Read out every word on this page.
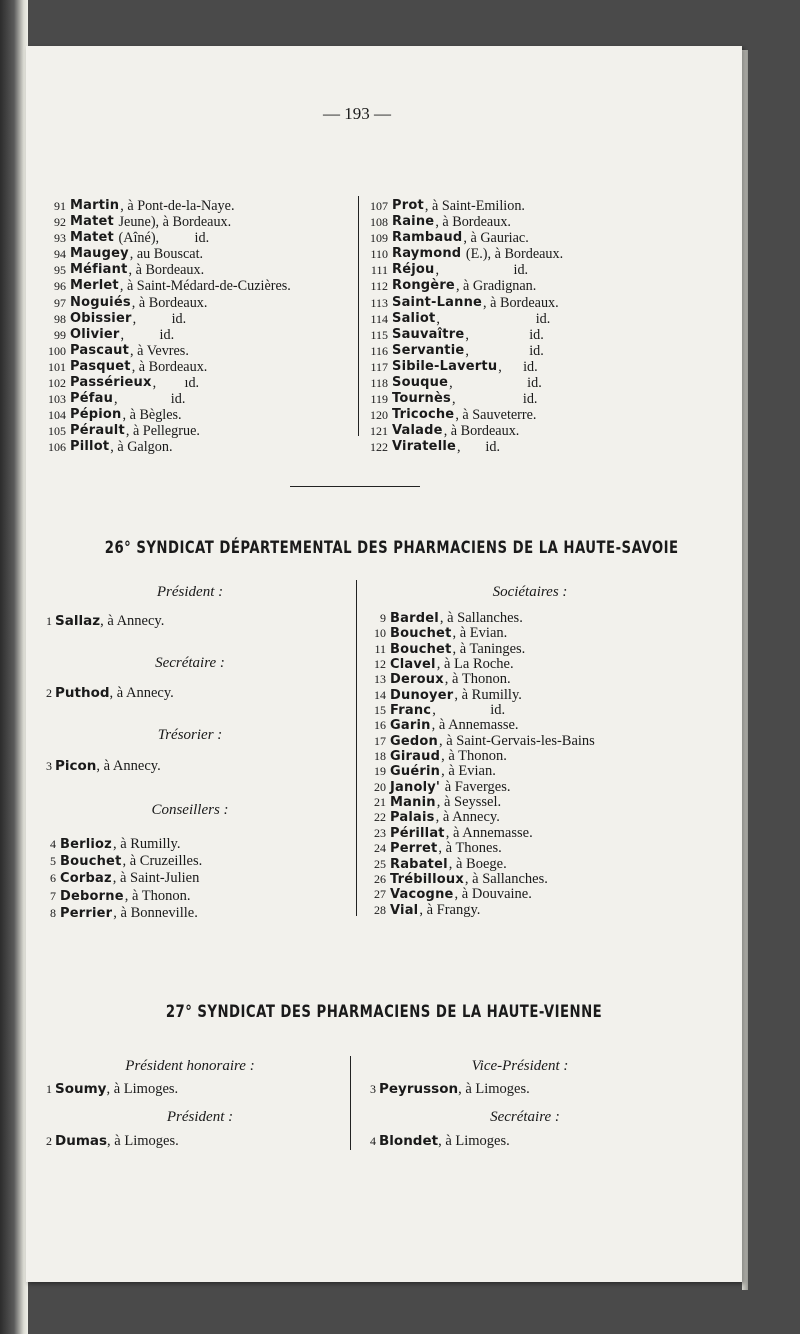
— 193 —
91 Martin , à Pont-de-la-Naye.
92 Matet Jeune), à Bordeaux.
93 Matet (Aîné),          id.
94 Maugey , au Bouscat.
95 Méfiant , à Bordeaux.
96 Merlet , à Saint-Médard-de-Cuzières.
97 Noguiés , à Bordeaux.
98 Obissier ,          id.
99 Olivier ,          id.
100 Pascaut , à Vevres.
101 Pasquet , à Bordeaux.
102 Passérieux ,        ıd.
103 Péfau ,               id.
104 Pépion , à Bègles.
105 Pérault , à Pellegrue.
106 Pillot , à Galgon.
107 Prot , à Saint-Emilion.
108 Raine , à Bordeaux.
109 Rambaud , à Gauriac.
110 Raymond (E.), à Bordeaux.
111 Réjou ,                     id.
112 Rongère , à Gradignan.
113 Saint-Lanne , à Bordeaux.
114 Saliot ,                           id.
115 Sauvaître ,                 id.
116 Servantie ,                 id.
117 Sibile-Lavertu ,      id.
118 Souque ,                     id.
119 Tournès ,                   id.
120 Tricoche , à Sauveterre.
121 Valade , à Bordeaux.
122 Viratelle ,       id.
26° SYNDICAT DÉPARTEMENTAL DES PHARMACIENS DE LA HAUTE-SAVOIE
Président :
1 Sallaz, à Annecy.
Secrétaire :
2 Puthod, à Annecy.
Trésorier :
3 Picon, à Annecy.
Conseillers :
4 Berlioz , à Rumilly.
5 Bouchet , à Cruzeilles.
6 Corbaz , à Saint-Julien
7 Deborne , à Thonon.
8 Perrier , à Bonneville.
Sociétaires :
9 Bardel , à Sallanches.
10 Bouchet , à Evian.
11 Bouchet , à Taninges.
12 Clavel , à La Roche.
13 Deroux , à Thonon.
14 Dunoyer , à Rumilly.
15 Franc ,               id.
16 Garin , à Annemasse.
17 Gedon , à Saint-Gervais-les-Bains
18 Giraud , à Thonon.
19 Guérin , à Evian.
20 Janoly' à Faverges.
21 Manin , à Seyssel.
22 Palais , à Annecy.
23 Périllat , à Annemasse.
24 Perret , à Thones.
25 Rabatel , à Boege.
26 Trébilloux , à Sallanches.
27 Vacogne , à Douvaine.
28 Vial , à Frangy.
27° SYNDICAT DES PHARMACIENS DE LA HAUTE-VIENNE
Président honoraire :
1 Soumy, à Limoges.
Président :
2 Dumas, à Limoges.
Vice-Président :
3 Peyrusson, à Limoges.
Secrétaire :
4 Blondet, à Limoges.
